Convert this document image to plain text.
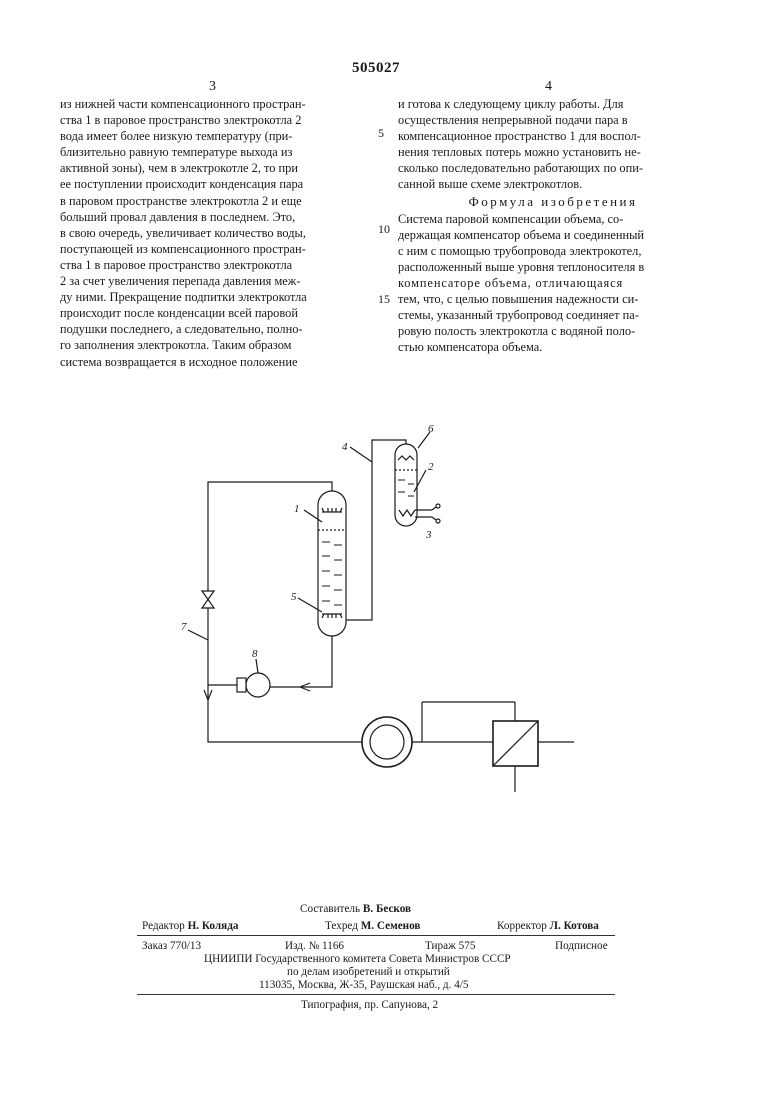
505027
3	4
из нижней части компенсационного простран-
ства 1 в паровое пространство электрокотла 2
вода имеет более низкую температуру (при-
близительно равную температуре выхода из
активной зоны), чем в электрокотле 2, то при
ее поступлении происходит конденсация пара
в паровом пространстве электрокотла 2 и еще
больший провал давления в последнем. Это,
в свою очередь, увеличивает количество воды,
поступающей из компенсационного простран-
ства 1 в паровое пространство электрокотла
2 за счет увеличения перепада давления меж-
ду ними. Прекращение подпитки электрокотла
происходит после конденсации всей паровой
подушки последнего, а следовательно, полно-
го заполнения электрокотла. Таким образом
система возвращается в исходное положение
5
10
15
и готова к следующему циклу работы. Для
осуществления непрерывной подачи пара в
компенсационное пространство 1 для воспол-
нения тепловых потерь можно установить не-
сколько последовательно работающих по опи-
санной выше схеме электрокотлов.
Формула изобретения
Система паровой компенсации объема, со-
держащая компенсатор объема и соединенный
с ним с помощью трубопровода электрокотел,
расположенный выше уровня теплоносителя в
компенсаторе объема, отличающаяся
тем, что, с целью повышения надежности си-
стемы, указанный трубопровод соединяет па-
ровую полость электрокотла с водяной поло-
стью компенсатора объема.
1
2
3
4
5
6
7
8
Составитель В. Бесков
Редактор Н. Коляда	Техред М. Семенов	Корректор Л. Котова
Заказ 770/13	Изд. № 1166	Тираж 575	Подписное
ЦНИИПИ Государственного комитета Совета Министров СССР
по делам изобретений и открытий
113035, Москва, Ж-35, Раушская наб., д. 4/5
Типография, пр. Сапунова, 2
